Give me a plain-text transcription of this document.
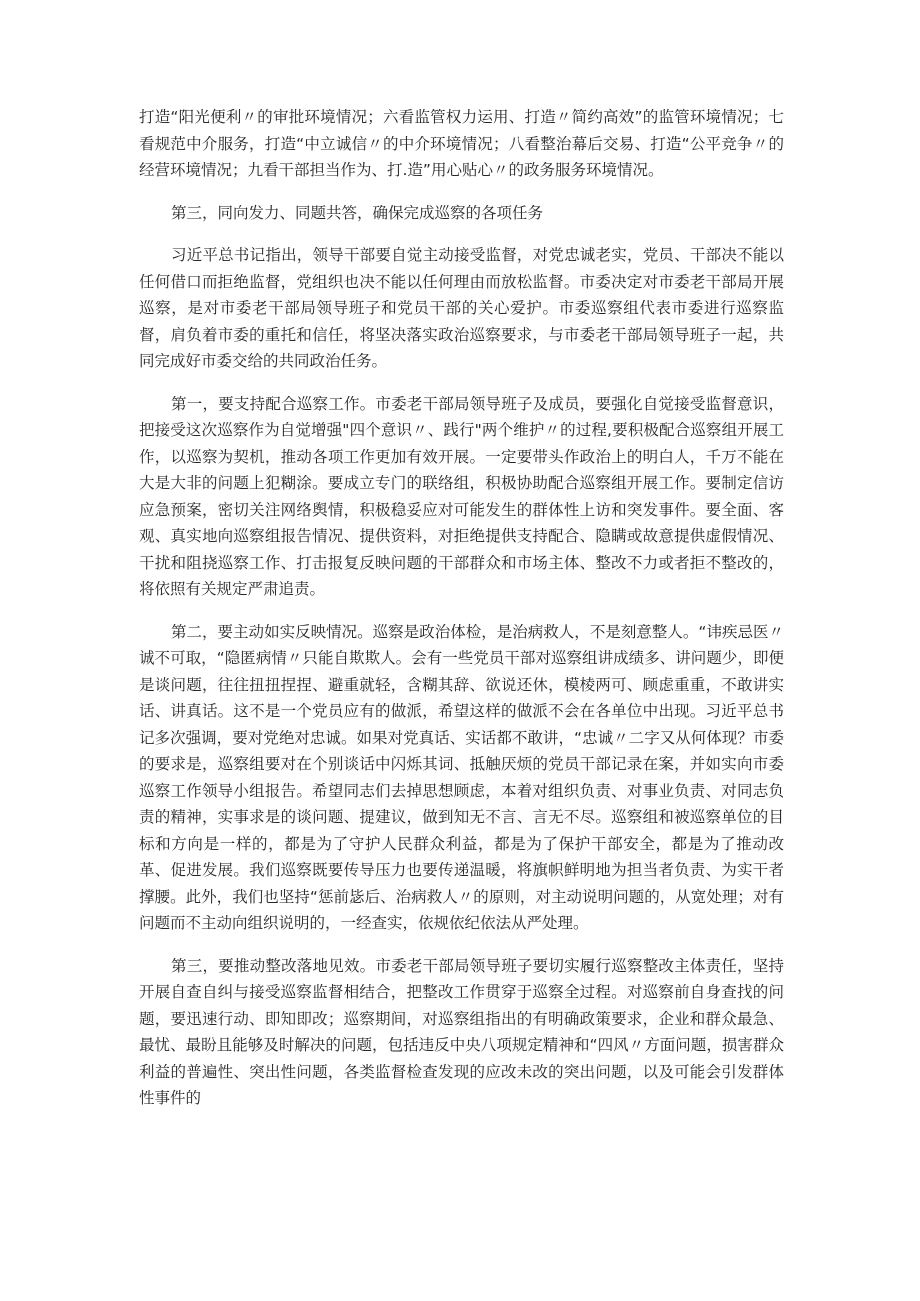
打造“阳光便利〃的审批环境情况；六看监管权力运用、打造〃简约高效”的监管环境情况；七看规范中介服务，打造“中立诚信〃的中介环境情况；八看整治幕后交易、打造“公平竞争〃的经营环境情况；九看干部担当作为、打.造”用心贴心〃的政务服务环境情况。

第三，同向发力、同题共答，确保完成巡察的各项任务

习近平总书记指出，领导干部要自觉主动接受监督，对党忠诚老实，党员、干部决不能以任何借口而拒绝监督，党组织也决不能以任何理由而放松监督。市委决定对市委老干部局开展巡察，是对市委老干部局领导班子和党员干部的关心爱护。市委巡察组代表市委进行巡察监督，肩负着市委的重托和信任，将坚决落实政治巡察要求，与市委老干部局领导班子一起，共同完成好市委交给的共同政治任务。

第一，要支持配合巡察工作。市委老干部局领导班子及成员，要强化自觉接受监督意识，把接受这次巡察作为自觉增强"四个意识〃、践行"两个维护〃的过程,要积极配合巡察组开展工作，以巡察为契机，推动各项工作更加有效开展。一定要带头作政治上的明白人，千万不能在大是大非的问题上犯糊涂。要成立专门的联络组，积极协助配合巡察组开展工作。要制定信访应急预案，密切关注网络舆情，积极稳妥应对可能发生的群体性上访和突发事件。要全面、客观、真实地向巡察组报告情况、提供资料，对拒绝提供支持配合、隐瞒或故意提供虚假情况、干扰和阻挠巡察工作、打击报复反映问题的干部群众和市场主体、整改不力或者拒不整改的，将依照有关规定严肃追责。

第二，要主动如实反映情况。巡察是政治体检，是治病救人，不是刻意整人。“讳疾忌医〃诚不可取，“隐匿病情〃只能自欺欺人。会有一些党员干部对巡察组讲成绩多、讲问题少，即便是谈问题，往往扭扭捏捏、避重就轻，含糊其辞、欲说还休，模棱两可、顾虑重重，不敢讲实话、讲真话。这不是一个党员应有的做派，希望这样的做派不会在各单位中出现。习近平总书记多次强调，要对党绝对忠诚。如果对党真话、实话都不敢讲，“忠诚〃二字又从何体现？市委的要求是，巡察组要对在个别谈话中闪烁其词、抵触厌烦的党员干部记录在案，并如实向市委巡察工作领导小组报告。希望同志们去掉思想顾虑，本着对组织负责、对事业负责、对同志负责的精神，实事求是的谈问题、提建议，做到知无不言、言无不尽。巡察组和被巡察单位的目标和方向是一样的，都是为了守护人民群众利益，都是为了保护干部安全，都是为了推动改革、促进发展。我们巡察既要传导压力也要传递温暖，将旗帜鲜明地为担当者负责、为实干者撑腰。此外，我们也坚持“惩前毖后、治病救人〃的原则，对主动说明问题的，从宽处理；对有问题而不主动向组织说明的，一经查实，依规依纪依法从严处理。

第三，要推动整改落地见效。市委老干部局领导班子要切实履行巡察整改主体责任，坚持开展自查自纠与接受巡察监督相结合，把整改工作贯穿于巡察全过程。对巡察前自身查找的问题，要迅速行动、即知即改；巡察期间，对巡察组指出的有明确政策要求，企业和群众最急、最忧、最盼且能够及时解决的问题，包括违反中央八项规定精神和“四风〃方面问题，损害群众利益的普遍性、突出性问题，各类监督检查发现的应改未改的突出问题，以及可能会引发群体性事件的
